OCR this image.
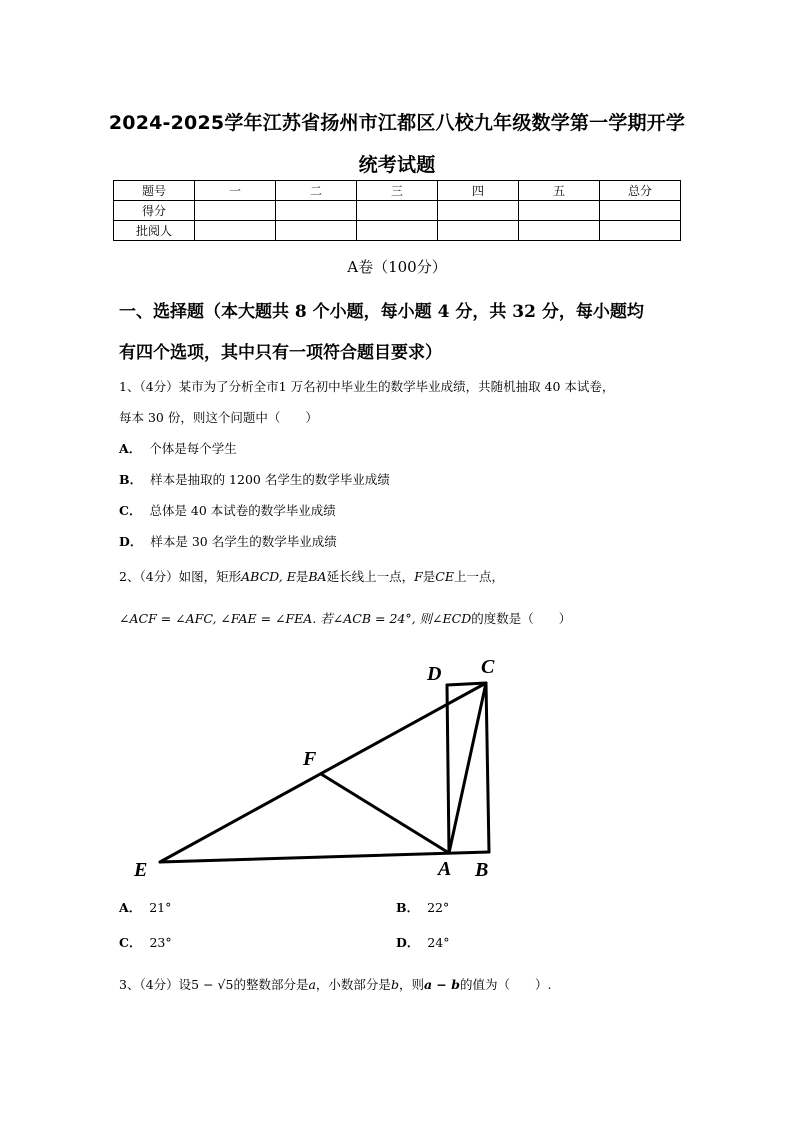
2024-2025学年江苏省扬州市江都区八校九年级数学第一学期开学
统考试题
题号	一	二	三	四	五	总分
得分						
批阅人						
A卷（100分）
一、选择题（本大题共 8 个小题，每小题 4 分，共 32 分，每小题均
有四个选项，其中只有一项符合题目要求）
1、（4分）某市为了分析全市1 万名初中毕业生的数学毕业成绩，共随机抽取 40 本试卷，
每本 30 份，则这个问题中（　　）
A． 个体是每个学生
B． 样本是抽取的 1200 名学生的数学毕业成绩
C． 总体是 40 本试卷的数学毕业成绩
D． 样本是 30 名学生的数学毕业成绩
2、（4分）如图，矩形ABCD, E是BA延长线上一点，F是CE上一点，
∠ACF = ∠AFC, ∠FAE = ∠FEA. 若∠ACB = 24°, 则∠ECD的度数是（　　）
D C
F
E	A B
A． 21°	B． 22°
C． 23°	D． 24°
3、（4分）设5 − √5的整数部分是a，小数部分是b，则a − b的值为（　　）.
